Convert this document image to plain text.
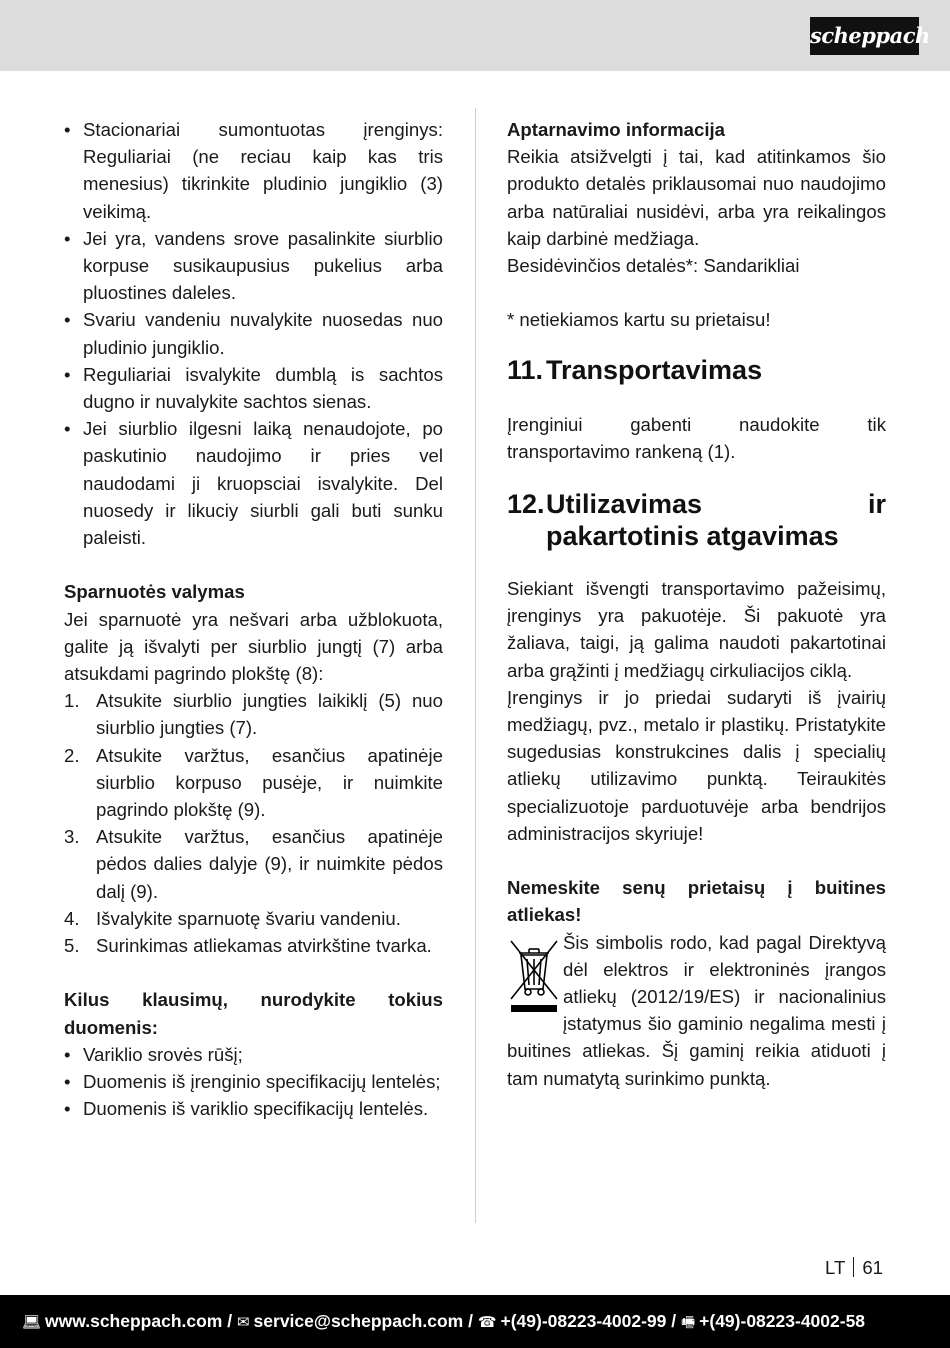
scheppach
• Stacionariai sumontuotas įrenginys: Reguliariai (ne reciau kaip kas tris menesius) tikrinkite pludinio jungiklio (3) veikimą.
• Jei yra, vandens srove pasalinkite siurblio korpuse susikaupusius pukelius arba pluostines daleles.
• Svariu vandeniu nuvalykite nuosedas nuo pludinio jungiklio.
• Reguliariai isvalykite dumblą is sachtos dugno ir nuvalykite sachtos sienas.
• Jei siurblio ilgesni laiką nenaudojote, po paskutinio naudojimo ir pries vel naudodami ji kruopsciai isvalykite. Del nuosedy ir likuciy siurbli gali buti sunku paleisti.
Sparnuotės valymas
Jei sparnuotė yra nešvari arba užblokuota, galite ją išvalyti per siurblio jungtį (7) arba atsukdami pagrindo plokštę (8):
1. Atsukite siurblio jungties laikiklį (5) nuo siurblio jungties (7).
2. Atsukite varžtus, esančius apatinėje siurblio korpuso pusėje, ir nuimkite pagrindo plokštę (9).
3. Atsukite varžtus, esančius apatinėje pėdos dalies dalyje (9), ir nuimkite pėdos dalį (9).
4. Išvalykite sparnuotę švariu vandeniu.
5. Surinkimas atliekamas atvirkštine tvarka.
Kilus klausimų, nurodykite tokius duomenis:
• Variklio srovės rūšį;
• Duomenis iš įrenginio specifikacijų lentelės;
• Duomenis iš variklio specifikacijų lentelės.
Aptarnavimo informacija
Reikia atsižvelgti į tai, kad atitinkamos šio produkto detalės priklausomai nuo naudojimo arba natūraliai nusidėvi, arba yra reikalingos kaip darbinė medžiaga.
Besidėvinčios detalės*: Sandarikliai
* netiekiamos kartu su prietaisu!
11. Transportavimas
Įrenginiui gabenti naudokite tik transportavimo rankeną (1).
12. Utilizavimas ir pakartotinis atgavimas
Siekiant išvengti transportavimo pažeisimų, įrenginys yra pakuotėje. Ši pakuotė yra žaliava, taigi, ją galima naudoti pakartotinai arba grąžinti į medžiagų cirkuliacijos ciklą.
Įrenginys ir jo priedai sudaryti iš įvairių medžiagų, pvz., metalo ir plastikų. Pristatykite sugedusias konstrukcines dalis į specialių atliekų utilizavimo punktą. Teiraukitės specializuotoje parduotuvėje arba bendrijos administracijos skyriuje!
Nemeskite senų prietaisų į buitines atliekas!
Šis simbolis rodo, kad pagal Direktyvą dėl elektros ir elektroninės įrangos atliekų (2012/19/ES) ir nacionalinius įstatymus šio gaminio negalima mesti į buitines atliekas. Šį gaminį reikia atiduoti į tam numatytą surinkimo punktą.
LT 61
💻︎ www.scheppach.com / ✉︎ service@scheppach.com / ☎︎ +(49)-08223-4002-99 / 🖷︎ +(49)-08223-4002-58
